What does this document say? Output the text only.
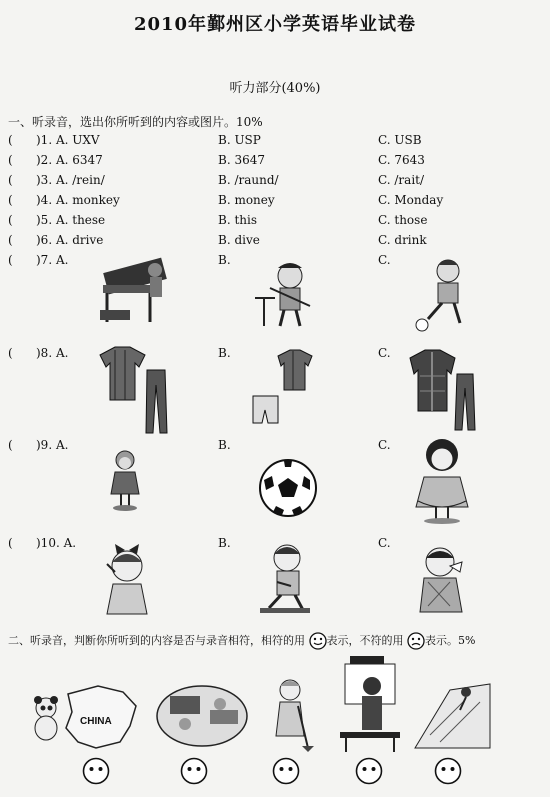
2010年鄞州区小学英语毕业试卷
听力部分(40%)
一、听录音，选出你所听到的内容或图片。10%
( )1. A. UXV	B. USP	C. USB
( )2. A. 6347	B. 3647	C. 7643
( )3. A. /rein/	B. /raund/	C. /rait/
( )4. A. monkey	B. money	C. Monday
( )5. A. these	B. this	C. those
( )6. A. drive	B. dive	C. drink
( )7. A.	B.	C.
( )8. A.	B.	C.
( )9. A.	B.	C.
( )10. A.	B.	C.
二、听录音，判断你所听到的内容是否与录音相符，相符的用 表示，不符的用 表示。5%
CHINA
